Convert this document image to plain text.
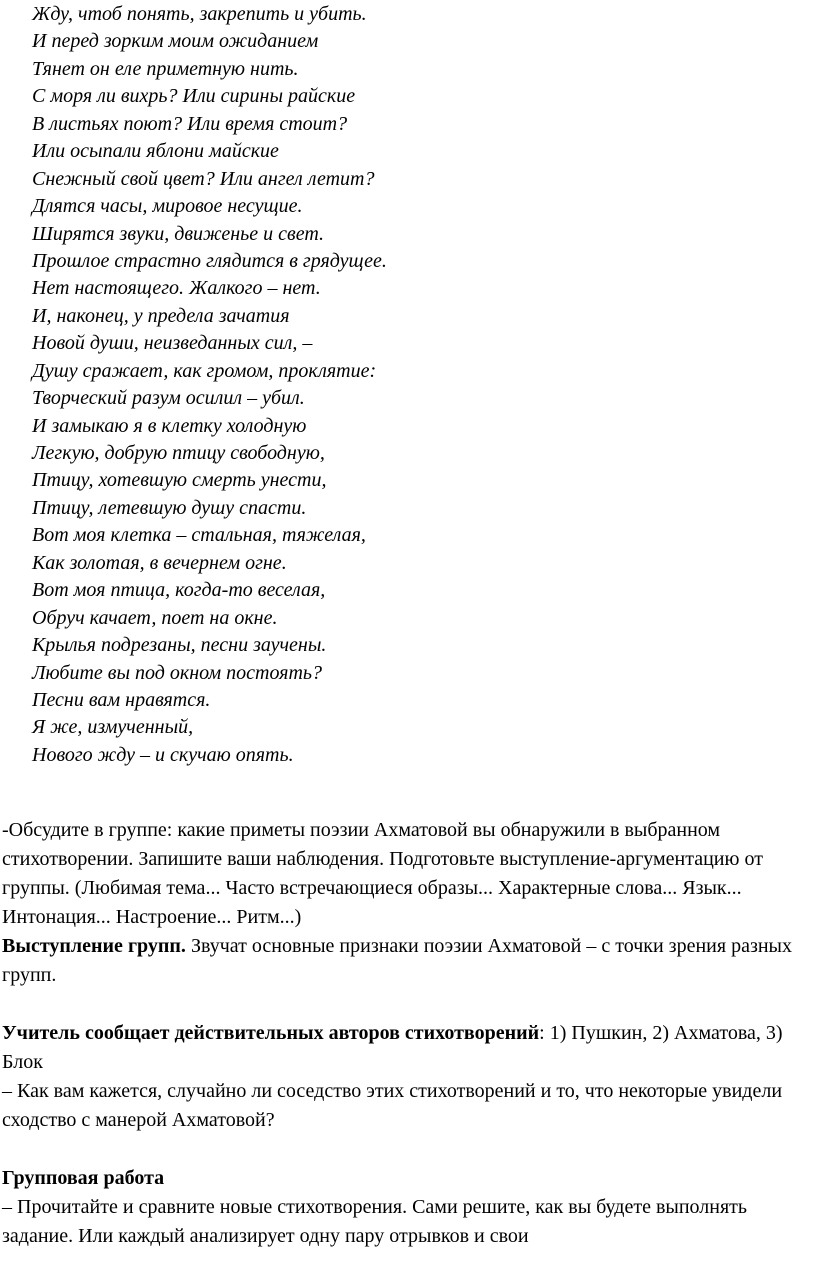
Жду, чтоб понять, закрепить и убить.
И перед зорким моим ожиданием
Тянет он еле приметную нить.
С моря ли вихрь? Или сирины райские
В листьях поют? Или время стоит?
Или осыпали яблони майские
Снежный свой цвет? Или ангел летит?
Длятся часы, мировое несущие.
Ширятся звуки, движенье и свет.
Прошлое страстно глядится в грядущее.
Нет настоящего. Жалкого – нет.
И, наконец, у предела зачатия
Новой души, неизведанных сил, –
Душу сражает, как громом, проклятие:
Творческий разум осилил – убил.
И замыкаю я в клетку холодную
Легкую, добрую птицу свободную,
Птицу, хотевшую смерть унести,
Птицу, летевшую душу спасти.
Вот моя клетка – стальная, тяжелая,
Как золотая, в вечернем огне.
Вот моя птица, когда-то веселая,
Обруч качает, поет на окне.
Крылья подрезаны, песни заучены.
Любите вы под окном постоять?
Песни вам нравятся.
Я же, измученный,
Нового жду – и скучаю опять.

-Обсудите в группе: какие приметы поэзии Ахматовой вы обнаружили в выбранном стихотворении. Запишите ваши наблюдения. Подготовьте выступление-аргументацию от группы. (Любимая тема... Часто встречающиеся образы... Характерные слова... Язык... Интонация... Настроение... Ритм...)

Выступление групп. Звучат основные признаки поэзии Ахматовой – с точки зрения разных групп.

Учитель сообщает действительных авторов стихотворений: 1) Пушкин, 2) Ахматова, 3) Блок

– Как вам кажется, случайно ли соседство этих стихотворений и то, что некоторые увидели сходство с манерой Ахматовой?

Групповая работа

– Прочитайте и сравните новые стихотворения. Сами решите, как вы будете выполнять задание. Или каждый анализирует одну пару отрывков и свои
